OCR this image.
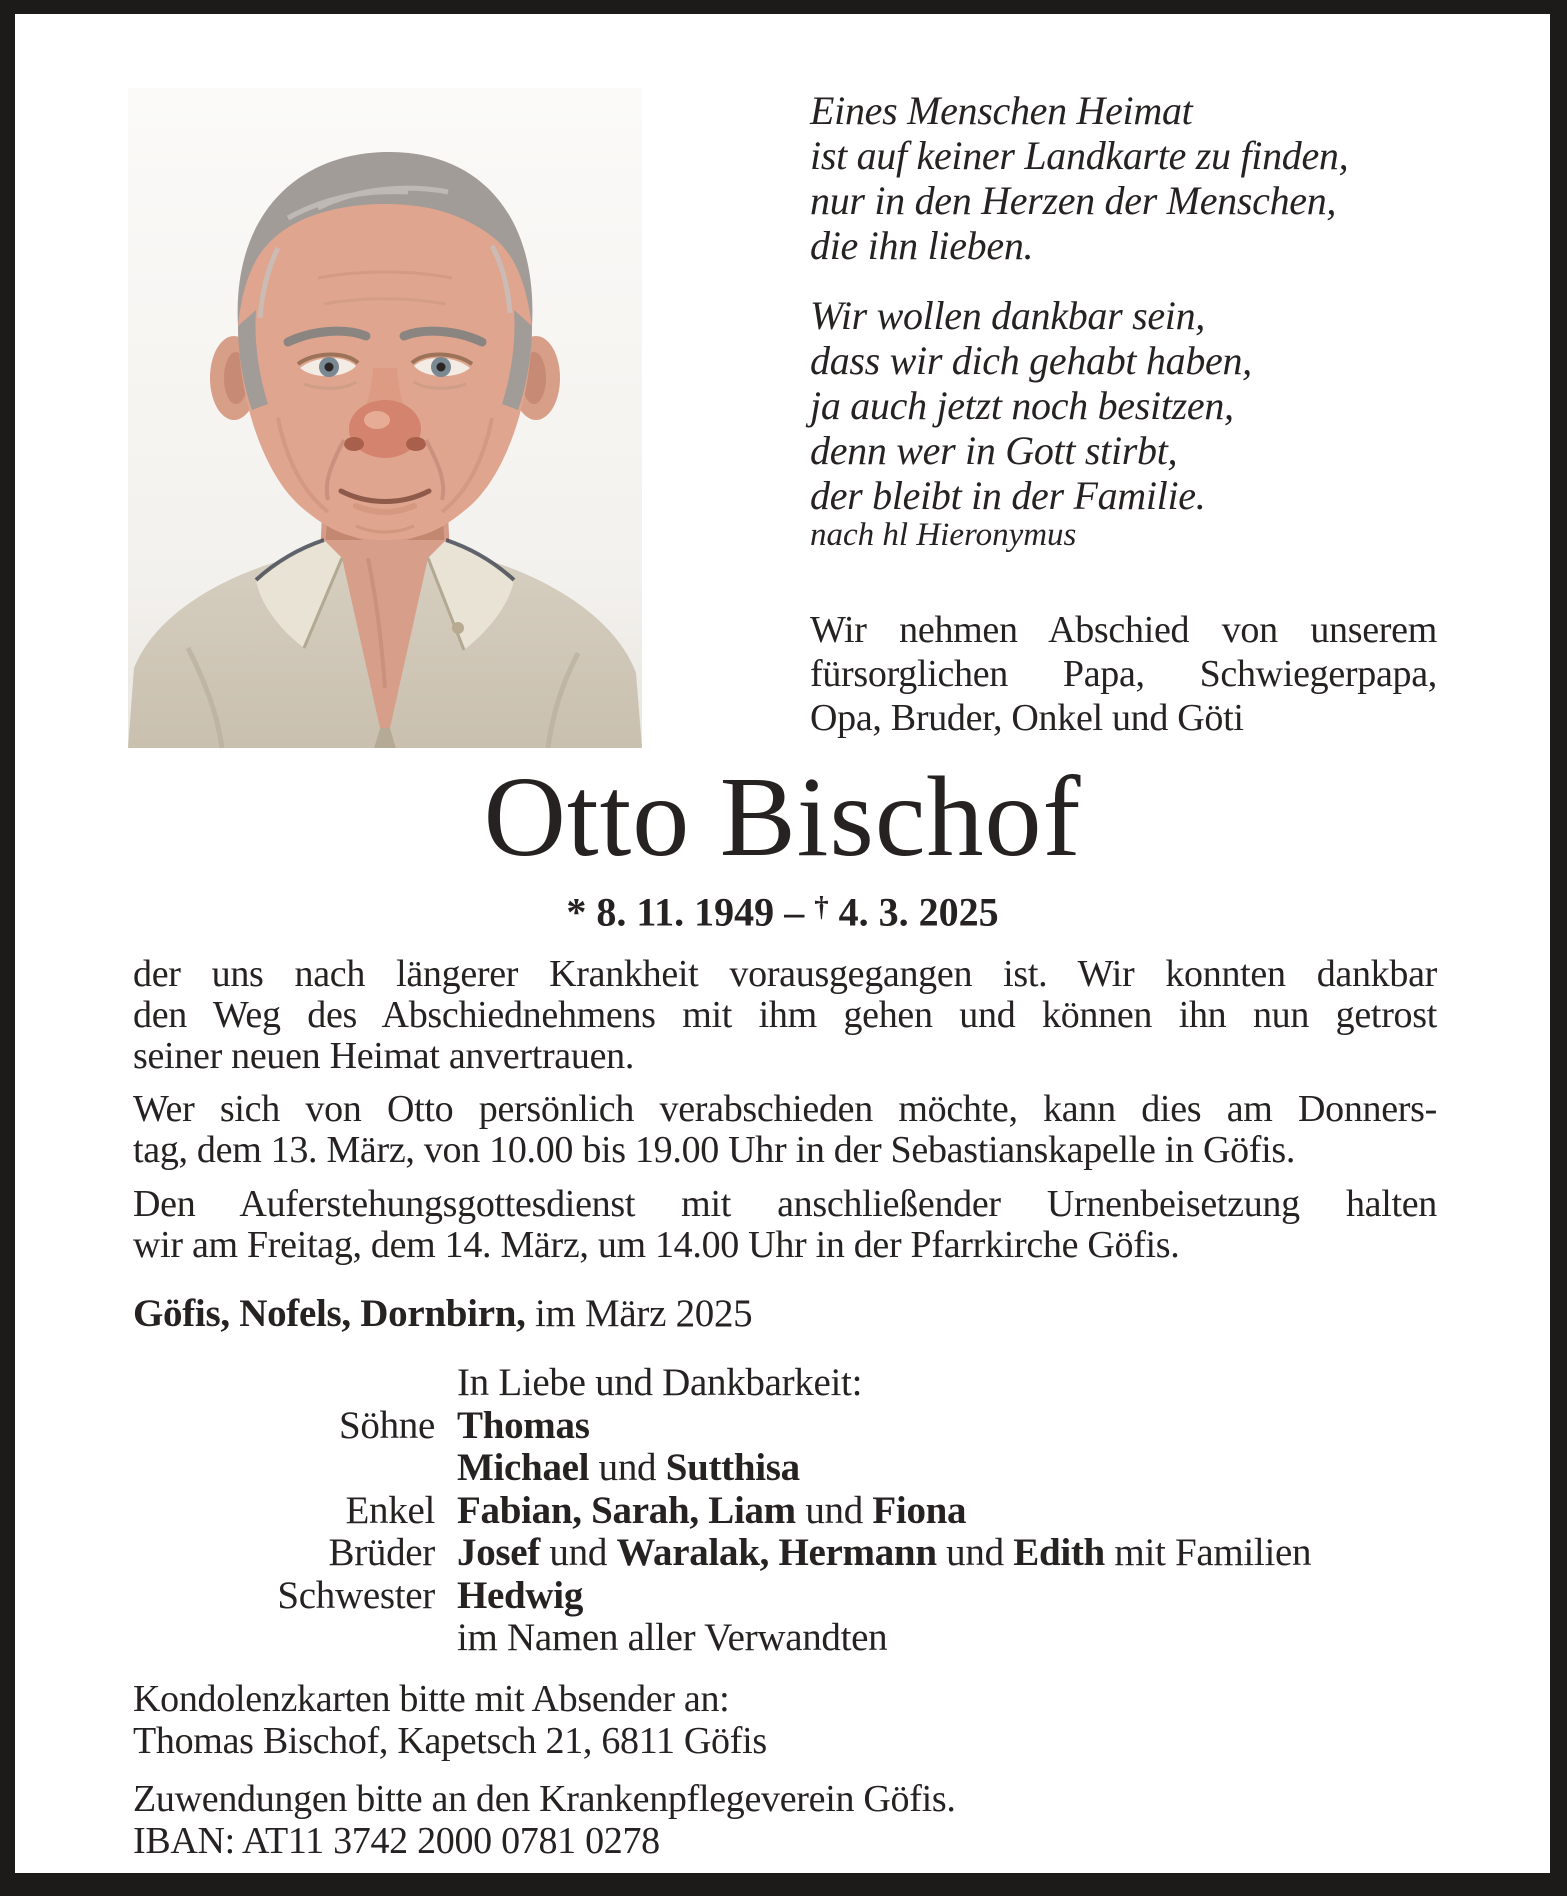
Eines Menschen Heimat
ist auf keiner Landkarte zu finden,
nur in den Herzen der Menschen,
die ihn lieben.
Wir wollen dankbar sein,
dass wir dich gehabt haben,
ja auch jetzt noch besitzen,
denn wer in Gott stirbt,
der bleibt in der Familie.
nach hl Hieronymus
Wir nehmen Abschied von unserem
fürsorglichen Papa, Schwiegerpapa,
Opa, Bruder, Onkel und Göti
Otto Bischof
* 8. 11. 1949 – † 4. 3. 2025
der uns nach längerer Krankheit vorausgegangen ist. Wir konnten dankbar
den Weg des Abschiednehmens mit ihm gehen und können ihn nun getrost
seiner neuen Heimat anvertrauen.
Wer sich von Otto persönlich verabschieden möchte, kann dies am Donners-
tag, dem 13. März, von 10.00 bis 19.00 Uhr in der Sebastianskapelle in Göfis.
Den Auferstehungsgottesdienst mit anschließender Urnenbeisetzung halten
wir am Freitag, dem 14. März, um 14.00 Uhr in der Pfarrkirche Göfis.
Göfis, Nofels, Dornbirn, im März 2025
In Liebe und Dankbarkeit:
Söhne Thomas
Michael und Sutthisa
Enkel Fabian, Sarah, Liam und Fiona
Brüder Josef und Waralak, Hermann und Edith mit Familien
Schwester Hedwig
im Namen aller Verwandten
Kondolenzkarten bitte mit Absender an:
Thomas Bischof, Kapetsch 21, 6811 Göfis
Zuwendungen bitte an den Krankenpflegeverein Göfis.
IBAN: AT11 3742 2000 0781 0278
